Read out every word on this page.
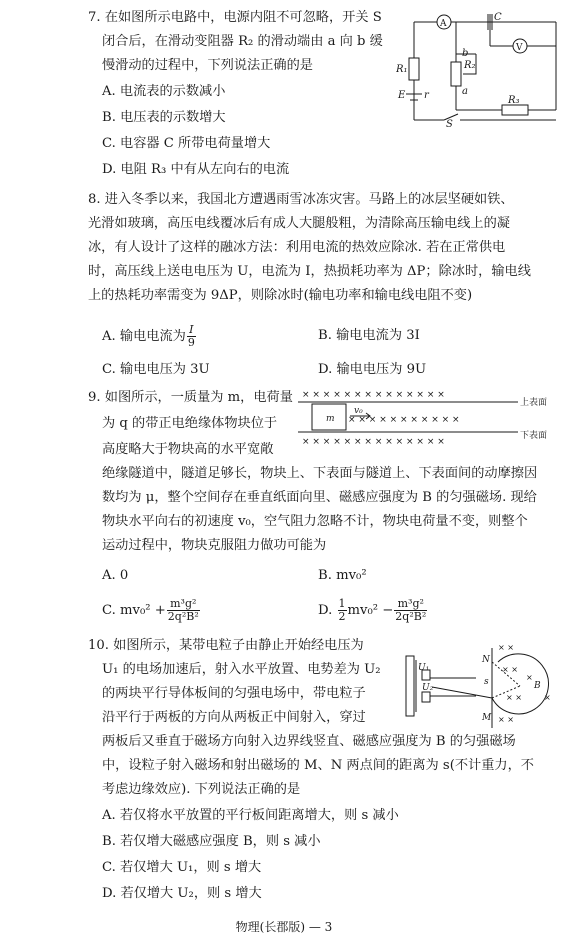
7. 在如图所示电路中，电源内阻不可忽略，开关 S
闭合后，在滑动变阻器 R₂ 的滑动端由 a 向 b 缓
慢滑动的过程中，下列说法正确的是
A. 电流表的示数减小
B. 电压表的示数增大
C. 电容器 C 所带电荷量增大
D. 电阻 R₃ 中有从左向右的电流
A
V
C
R₁	R₂
R₃
E r
S
a
b
8. 进入冬季以来，我国北方遭遇雨雪冰冻灾害。马路上的冰层坚硬如铁、
光滑如玻璃，高压电线覆冰后有成人大腿般粗，为清除高压输电线上的凝
冰，有人设计了这样的融冰方法：利用电流的热效应除冰. 若在正常供电
时，高压线上送电电压为 U，电流为 I，热损耗功率为 ΔP；除冰时，输电线
上的热耗功率需变为 9ΔP，则除冰时(输电功率和输电线电阻不变)
A. 输电电流为 $\frac{I}{9}$	B. 输电电流为 3I
C. 输电电压为 3U	D. 输电电压为 9U
9. 如图所示，一质量为 m，电荷量
为 q 的带正电绝缘体物块位于
高度略大于物块高的水平宽敞
绝缘隧道中，隧道足够长，物块上、下表面与隧道上、下表面间的动摩擦因
数均为 μ，整个空间存在垂直纸面向里、磁感应强度为 B 的匀强磁场. 现给
物块水平向右的初速度 v₀，空气阻力忽略不计，物块电荷量不变，则整个
运动过程中，物块克服阻力做功可能为
A. 0	B. mv₀²
C. $mv_0^2 + \frac{\text{m³g²}}{\text{2q²B²}}$	D. $\frac{1}{2} mv_0^2 - \frac{\text{m³g²}}{\text{2q²B²}}$
× × × × × × × × × × × × × ×
× × × × × × × × × × ×
× × × × × × × × × × × × × ×
上表面
下表面
m
v₀
10. 如图所示，某带电粒子由静止开始经电压为
U₁ 的电场加速后，射入水平放置、电势差为 U₂
的两块平行导体板间的匀强电场中，带电粒子
沿平行于两板的方向从两板正中间射入，穿过
两板后又垂直于磁场方向射入边界线竖直、磁感应强度为 B 的匀强磁场
中，设粒子射入磁场和射出磁场的 M、N 两点间的距离为 s(不计重力，不
考虑边缘效应). 下列说法正确的是
A. 若仅将水平放置的平行板间距离增大，则 s 减小
B. 若仅增大磁感应强度 B，则 s 减小
C. 若仅增大 U₁，则 s 增大
D. 若仅增大 U₂，则 s 增大
× ×
× ×
×
× ×
× ×
×
U₁
U₂
N
M
B
s
物理(长郡版) — 3
